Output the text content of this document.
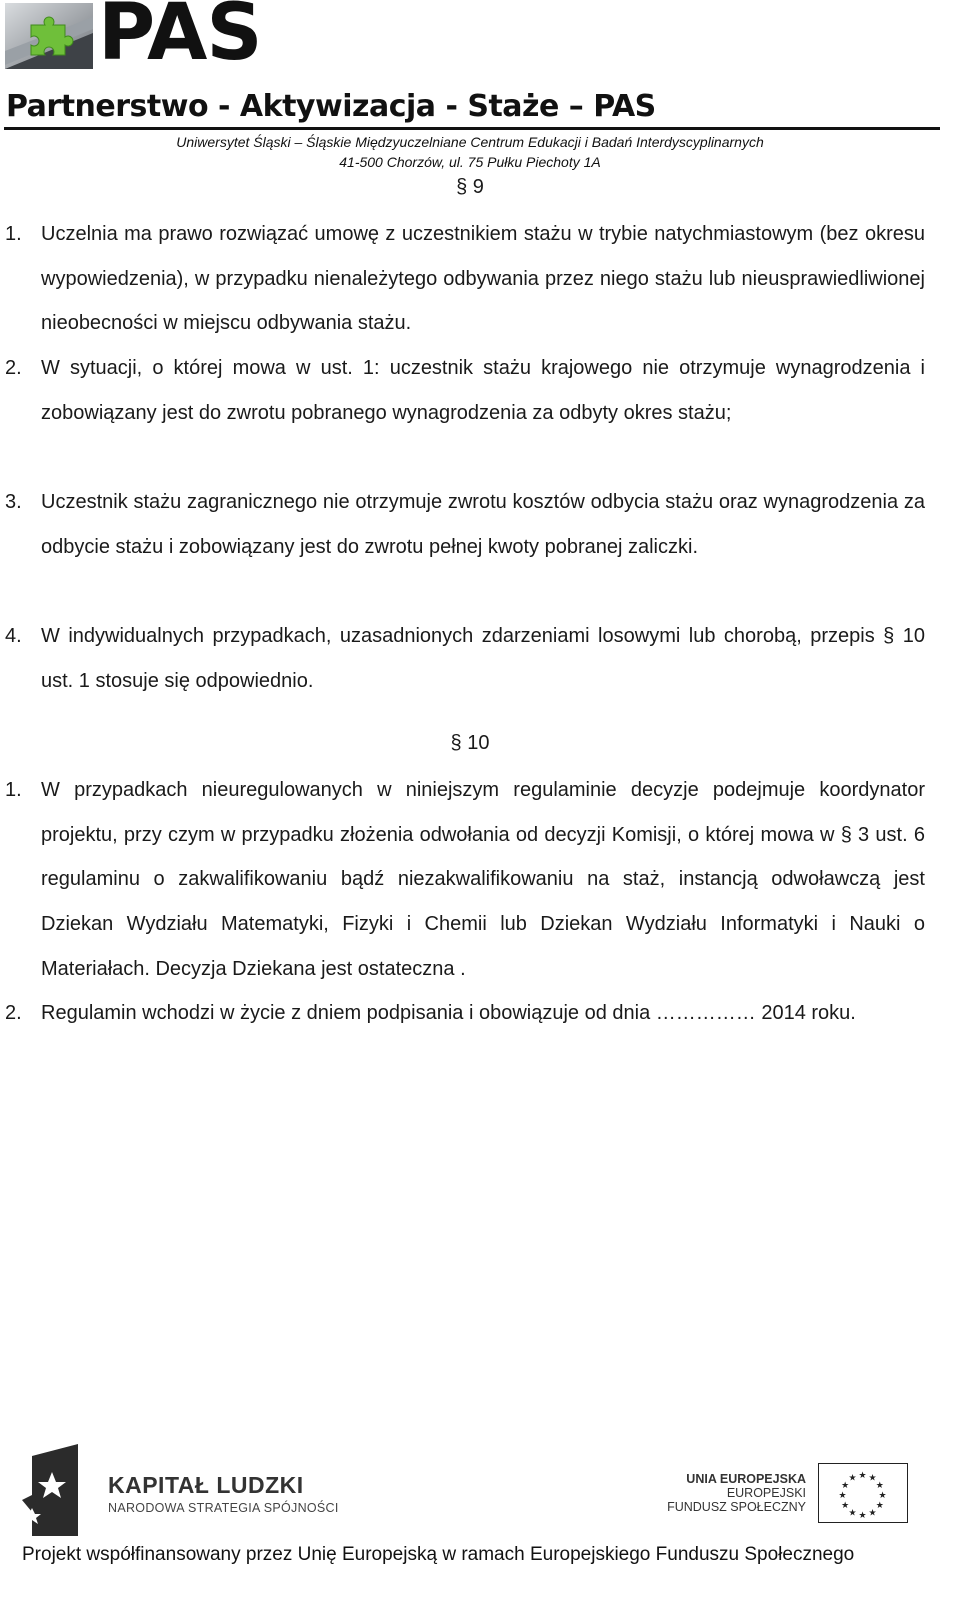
PAS
Partnerstwo - Aktywizacja - Staże – PAS
Uniwersytet Śląski – Śląskie Międzyuczelniane Centrum Edukacji i Badań Interdyscyplinarnych
41-500 Chorzów, ul. 75 Pułku Piechoty 1A
§ 9
1. Uczelnia ma prawo rozwiązać umowę z uczestnikiem stażu w trybie natychmiastowym (bez okresu wypowiedzenia), w przypadku nienależytego odbywania przez niego stażu lub nieusprawiedliwionej nieobecności w miejscu odbywania stażu.
2. W sytuacji, o której mowa w ust. 1: uczestnik stażu krajowego nie otrzymuje wynagrodzenia i zobowiązany jest do zwrotu pobranego wynagrodzenia za odbyty okres stażu;
3. Uczestnik stażu zagranicznego nie otrzymuje zwrotu kosztów odbycia stażu oraz wynagrodzenia za odbycie stażu i zobowiązany jest do zwrotu pełnej kwoty pobranej zaliczki.
4. W indywidualnych przypadkach, uzasadnionych zdarzeniami losowymi lub chorobą, przepis § 10 ust. 1 stosuje się odpowiednio.
§ 10
1. W przypadkach nieuregulowanych w niniejszym regulaminie decyzje podejmuje koordynator projektu, przy czym w przypadku złożenia odwołania od decyzji Komisji, o której mowa w § 3 ust. 6 regulaminu o zakwalifikowaniu bądź niezakwalifikowaniu na staż, instancją odwoławczą jest Dziekan Wydziału Matematyki, Fizyki i Chemii lub Dziekan Wydziału Informatyki i Nauki o Materiałach. Decyzja Dziekana jest ostateczna .
2. Regulamin wchodzi w życie z dniem podpisania i obowiązuje od dnia …………… 2014 roku.
KAPITAŁ LUDZKI
NARODOWA STRATEGIA SPÓJNOŚCI
UNIA EUROPEJSKA
EUROPEJSKI
FUNDUSZ SPOŁECZNY
★ ★
★
★
★
★
★
★
★
★
★
★
Projekt współfinansowany przez Unię Europejską w ramach Europejskiego Funduszu Społecznego
